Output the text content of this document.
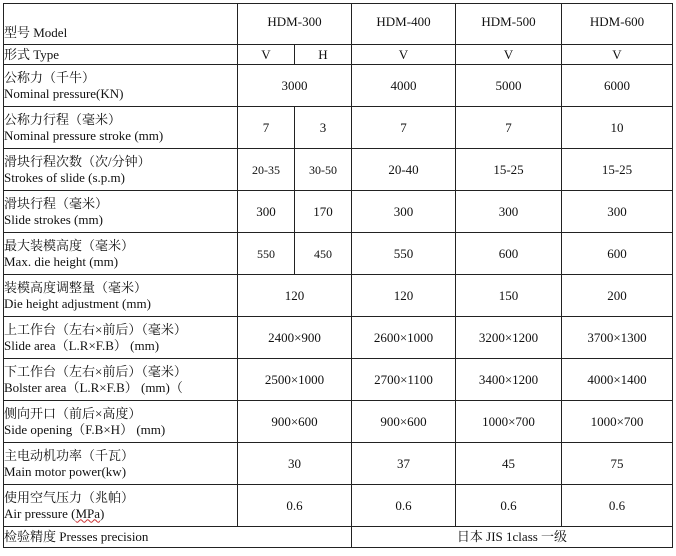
型号 Model	HDM-300		HDM-400	HDM-500	HDM-600
形式 Type	V	H	V	V	V

公称力（千牛）
Nominal pressure(KN)	3000		4000	5000	6000

公称力行程（毫米）
Nominal pressure stroke (mm)	7	3	7	7	10

滑块行程次数（次/分钟）
Strokes of slide (s.p.m)	20-35	30-50	20-40	15-25	15-25

滑块行程（毫米）
Slide strokes (mm)	300	170	300	300	300

最大装模高度（毫米）
Max. die height (mm)	550	450	550	600	600

装模高度调整量（毫米）
Die height adjustment (mm)	120		120	150	200

上工作台（左右×前后）（毫米）
Slide area（L.R×F.B） (mm)	2400×900		2600×1000	3200×1200	3700×1300

下工作台（左右×前后）（毫米）
Bolster area（L.R×F.B） (mm)（	2500×1000		2700×1100	3400×1200	4000×1400

侧向开口（前后×高度）
Side opening（F.B×H） (mm)	900×600		900×600	1000×700	1000×700

主电动机功率（千瓦）
Main motor power(kw)	30		37	45	75

使用空气压力（兆帕）
Air pressure (MPa)	0.6		0.6	0.6	0.6
检验精度 Presses precision			日本 JIS 1class 一级		
